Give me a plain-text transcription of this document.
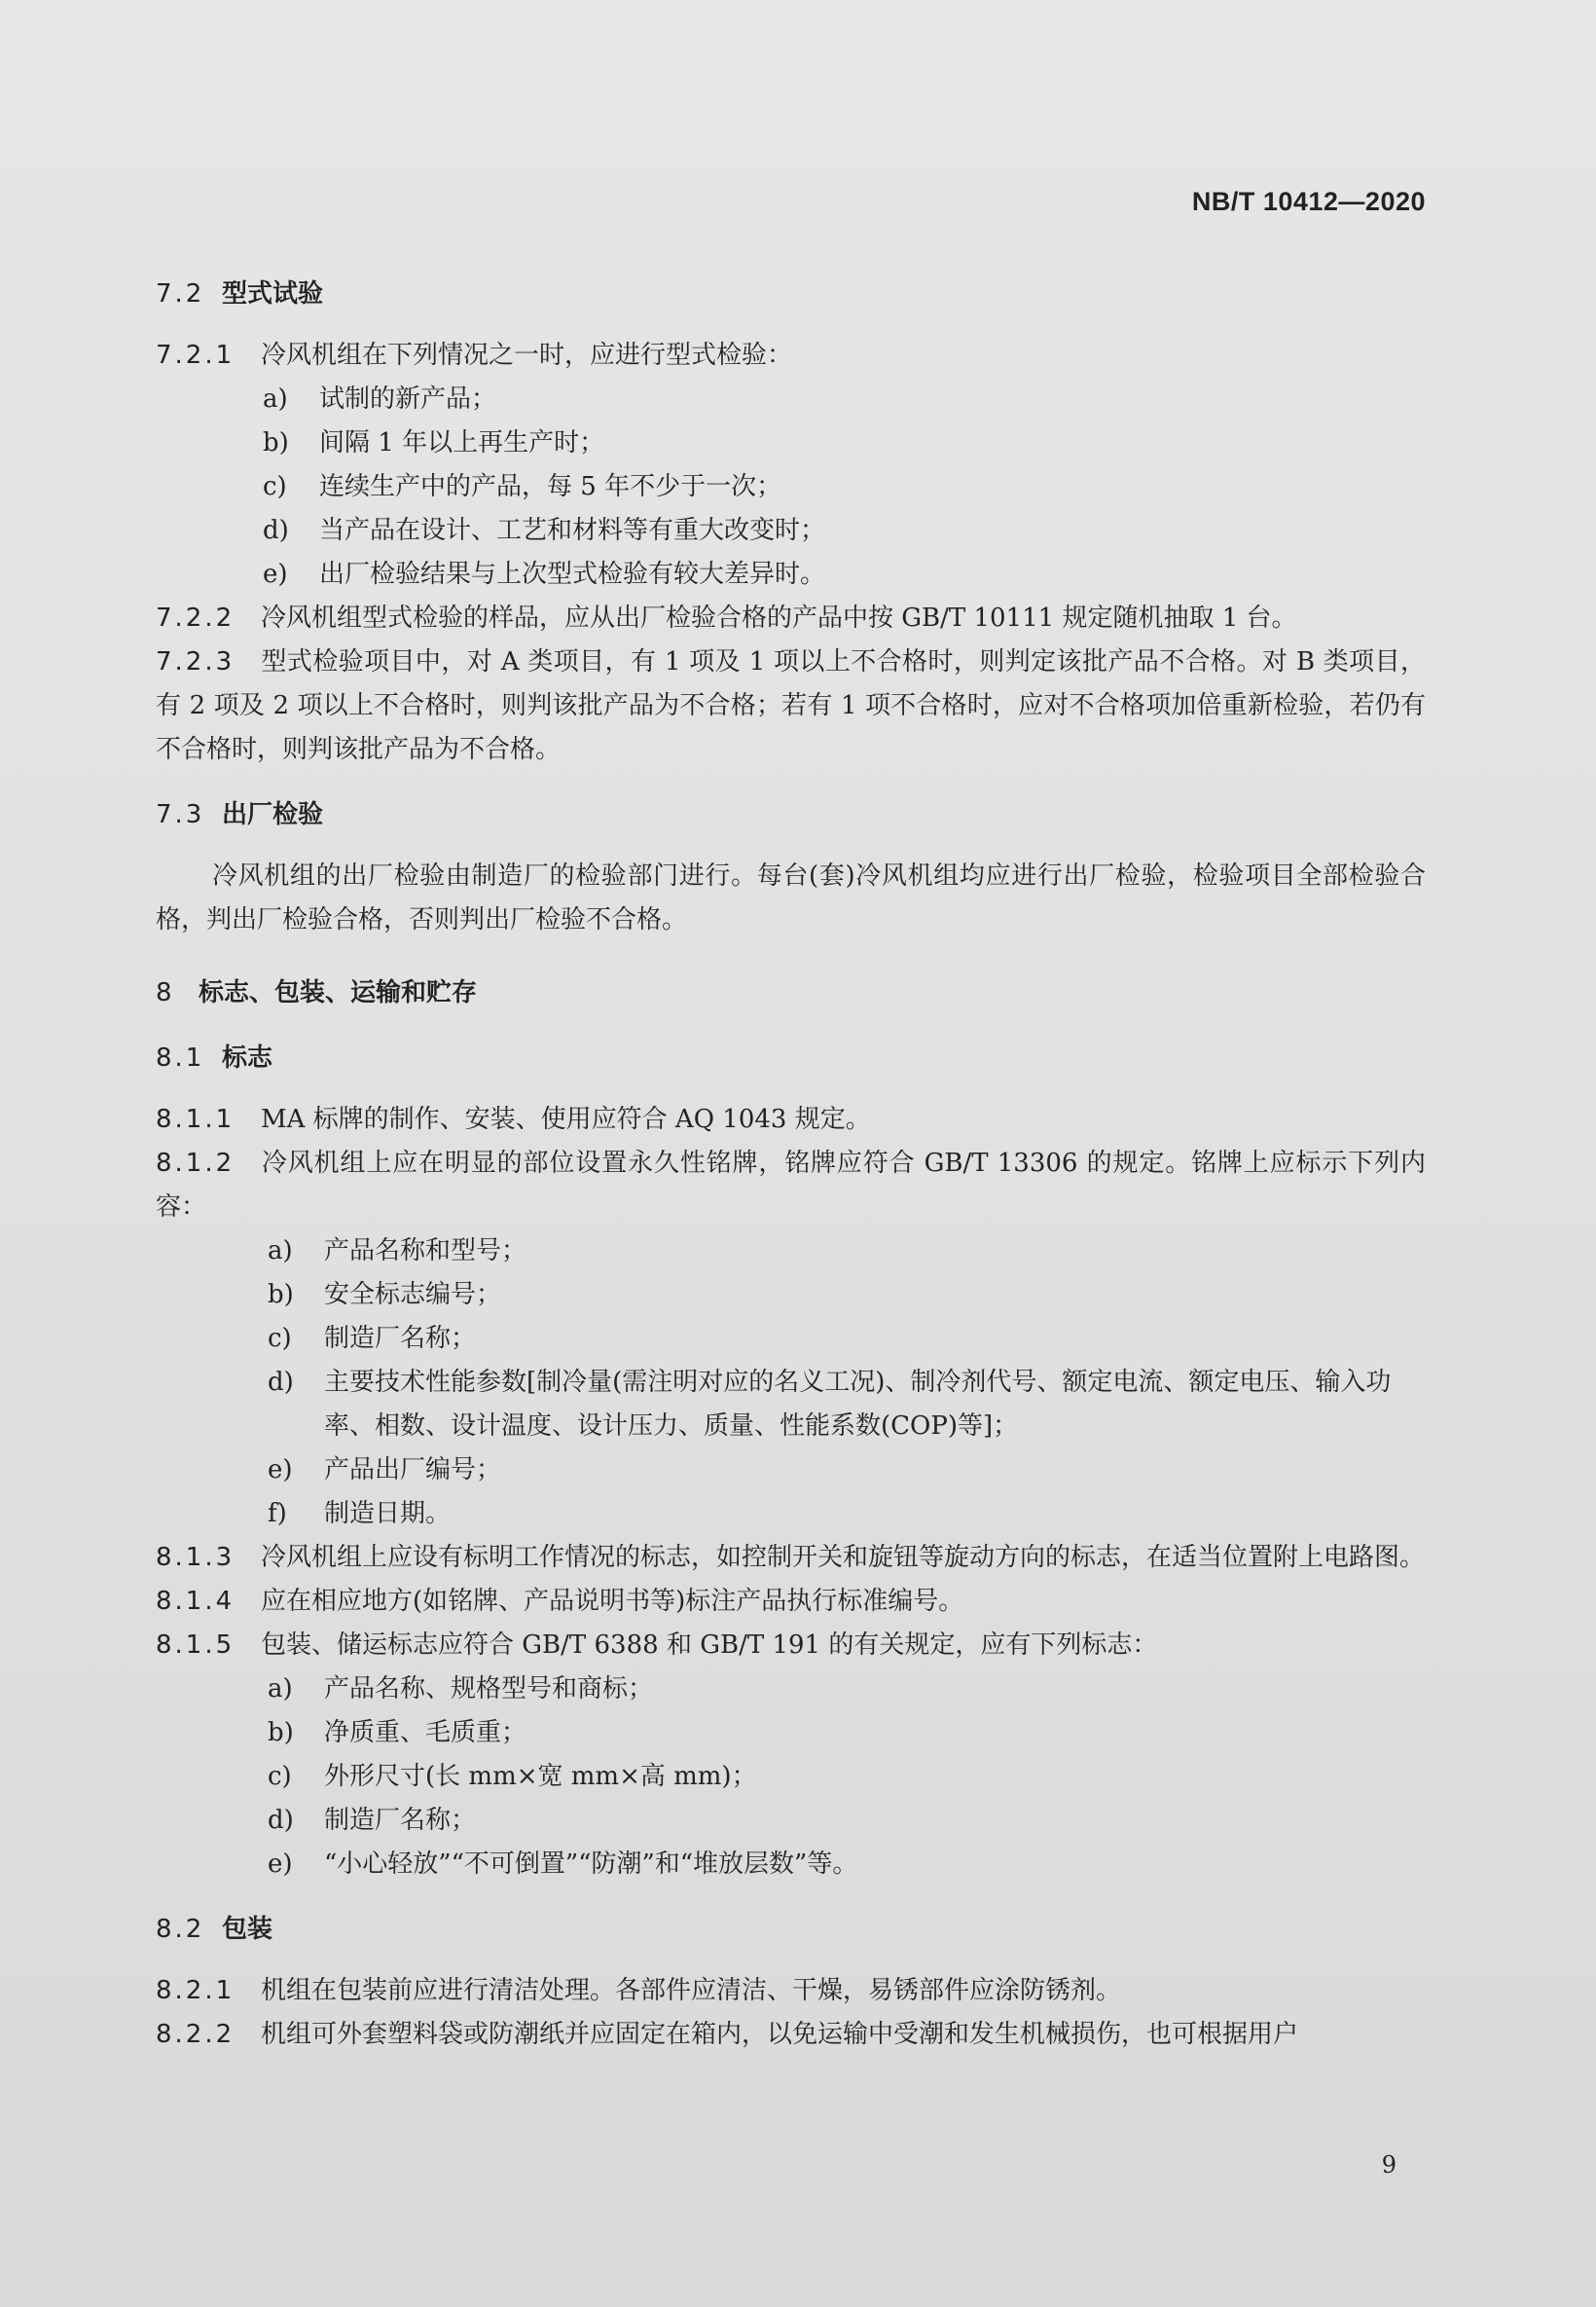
NB/T 10412—2020
7.2 型式试验
7.2.1 冷风机组在下列情况之一时，应进行型式检验：
a) 试制的新产品；
b) 间隔 1 年以上再生产时；
c) 连续生产中的产品，每 5 年不少于一次；
d) 当产品在设计、工艺和材料等有重大改变时；
e) 出厂检验结果与上次型式检验有较大差异时。
7.2.2 冷风机组型式检验的样品，应从出厂检验合格的产品中按 GB/T 10111 规定随机抽取 1 台。
7.2.3 型式检验项目中，对 A 类项目，有 1 项及 1 项以上不合格时，则判定该批产品不合格。对 B 类项目，有 2 项及 2 项以上不合格时，则判该批产品为不合格；若有 1 项不合格时，应对不合格项加倍重新检验，若仍有不合格时，则判该批产品为不合格。
7.3 出厂检验
冷风机组的出厂检验由制造厂的检验部门进行。每台(套)冷风机组均应进行出厂检验，检验项目全部检验合格，判出厂检验合格，否则判出厂检验不合格。
8 标志、包装、运输和贮存
8.1 标志
8.1.1 MA 标牌的制作、安装、使用应符合 AQ 1043 规定。
8.1.2 冷风机组上应在明显的部位设置永久性铭牌，铭牌应符合 GB/T 13306 的规定。铭牌上应标示下列内容：
a) 产品名称和型号；
b) 安全标志编号；
c) 制造厂名称；
d) 主要技术性能参数[制冷量(需注明对应的名义工况)、制冷剂代号、额定电流、额定电压、输入功率、相数、设计温度、设计压力、质量、性能系数(COP)等]；
e) 产品出厂编号；
f) 制造日期。
8.1.3 冷风机组上应设有标明工作情况的标志，如控制开关和旋钮等旋动方向的标志，在适当位置附上电路图。
8.1.4 应在相应地方(如铭牌、产品说明书等)标注产品执行标准编号。
8.1.5 包装、储运标志应符合 GB/T 6388 和 GB/T 191 的有关规定，应有下列标志：
a) 产品名称、规格型号和商标；
b) 净质重、毛质重；
c) 外形尺寸(长 mm×宽 mm×高 mm)；
d) 制造厂名称；
e) “小心轻放”“不可倒置”“防潮”和“堆放层数”等。
8.2 包装
8.2.1 机组在包装前应进行清洁处理。各部件应清洁、干燥，易锈部件应涂防锈剂。
8.2.2 机组可外套塑料袋或防潮纸并应固定在箱内，以免运输中受潮和发生机械损伤，也可根据用户
9
